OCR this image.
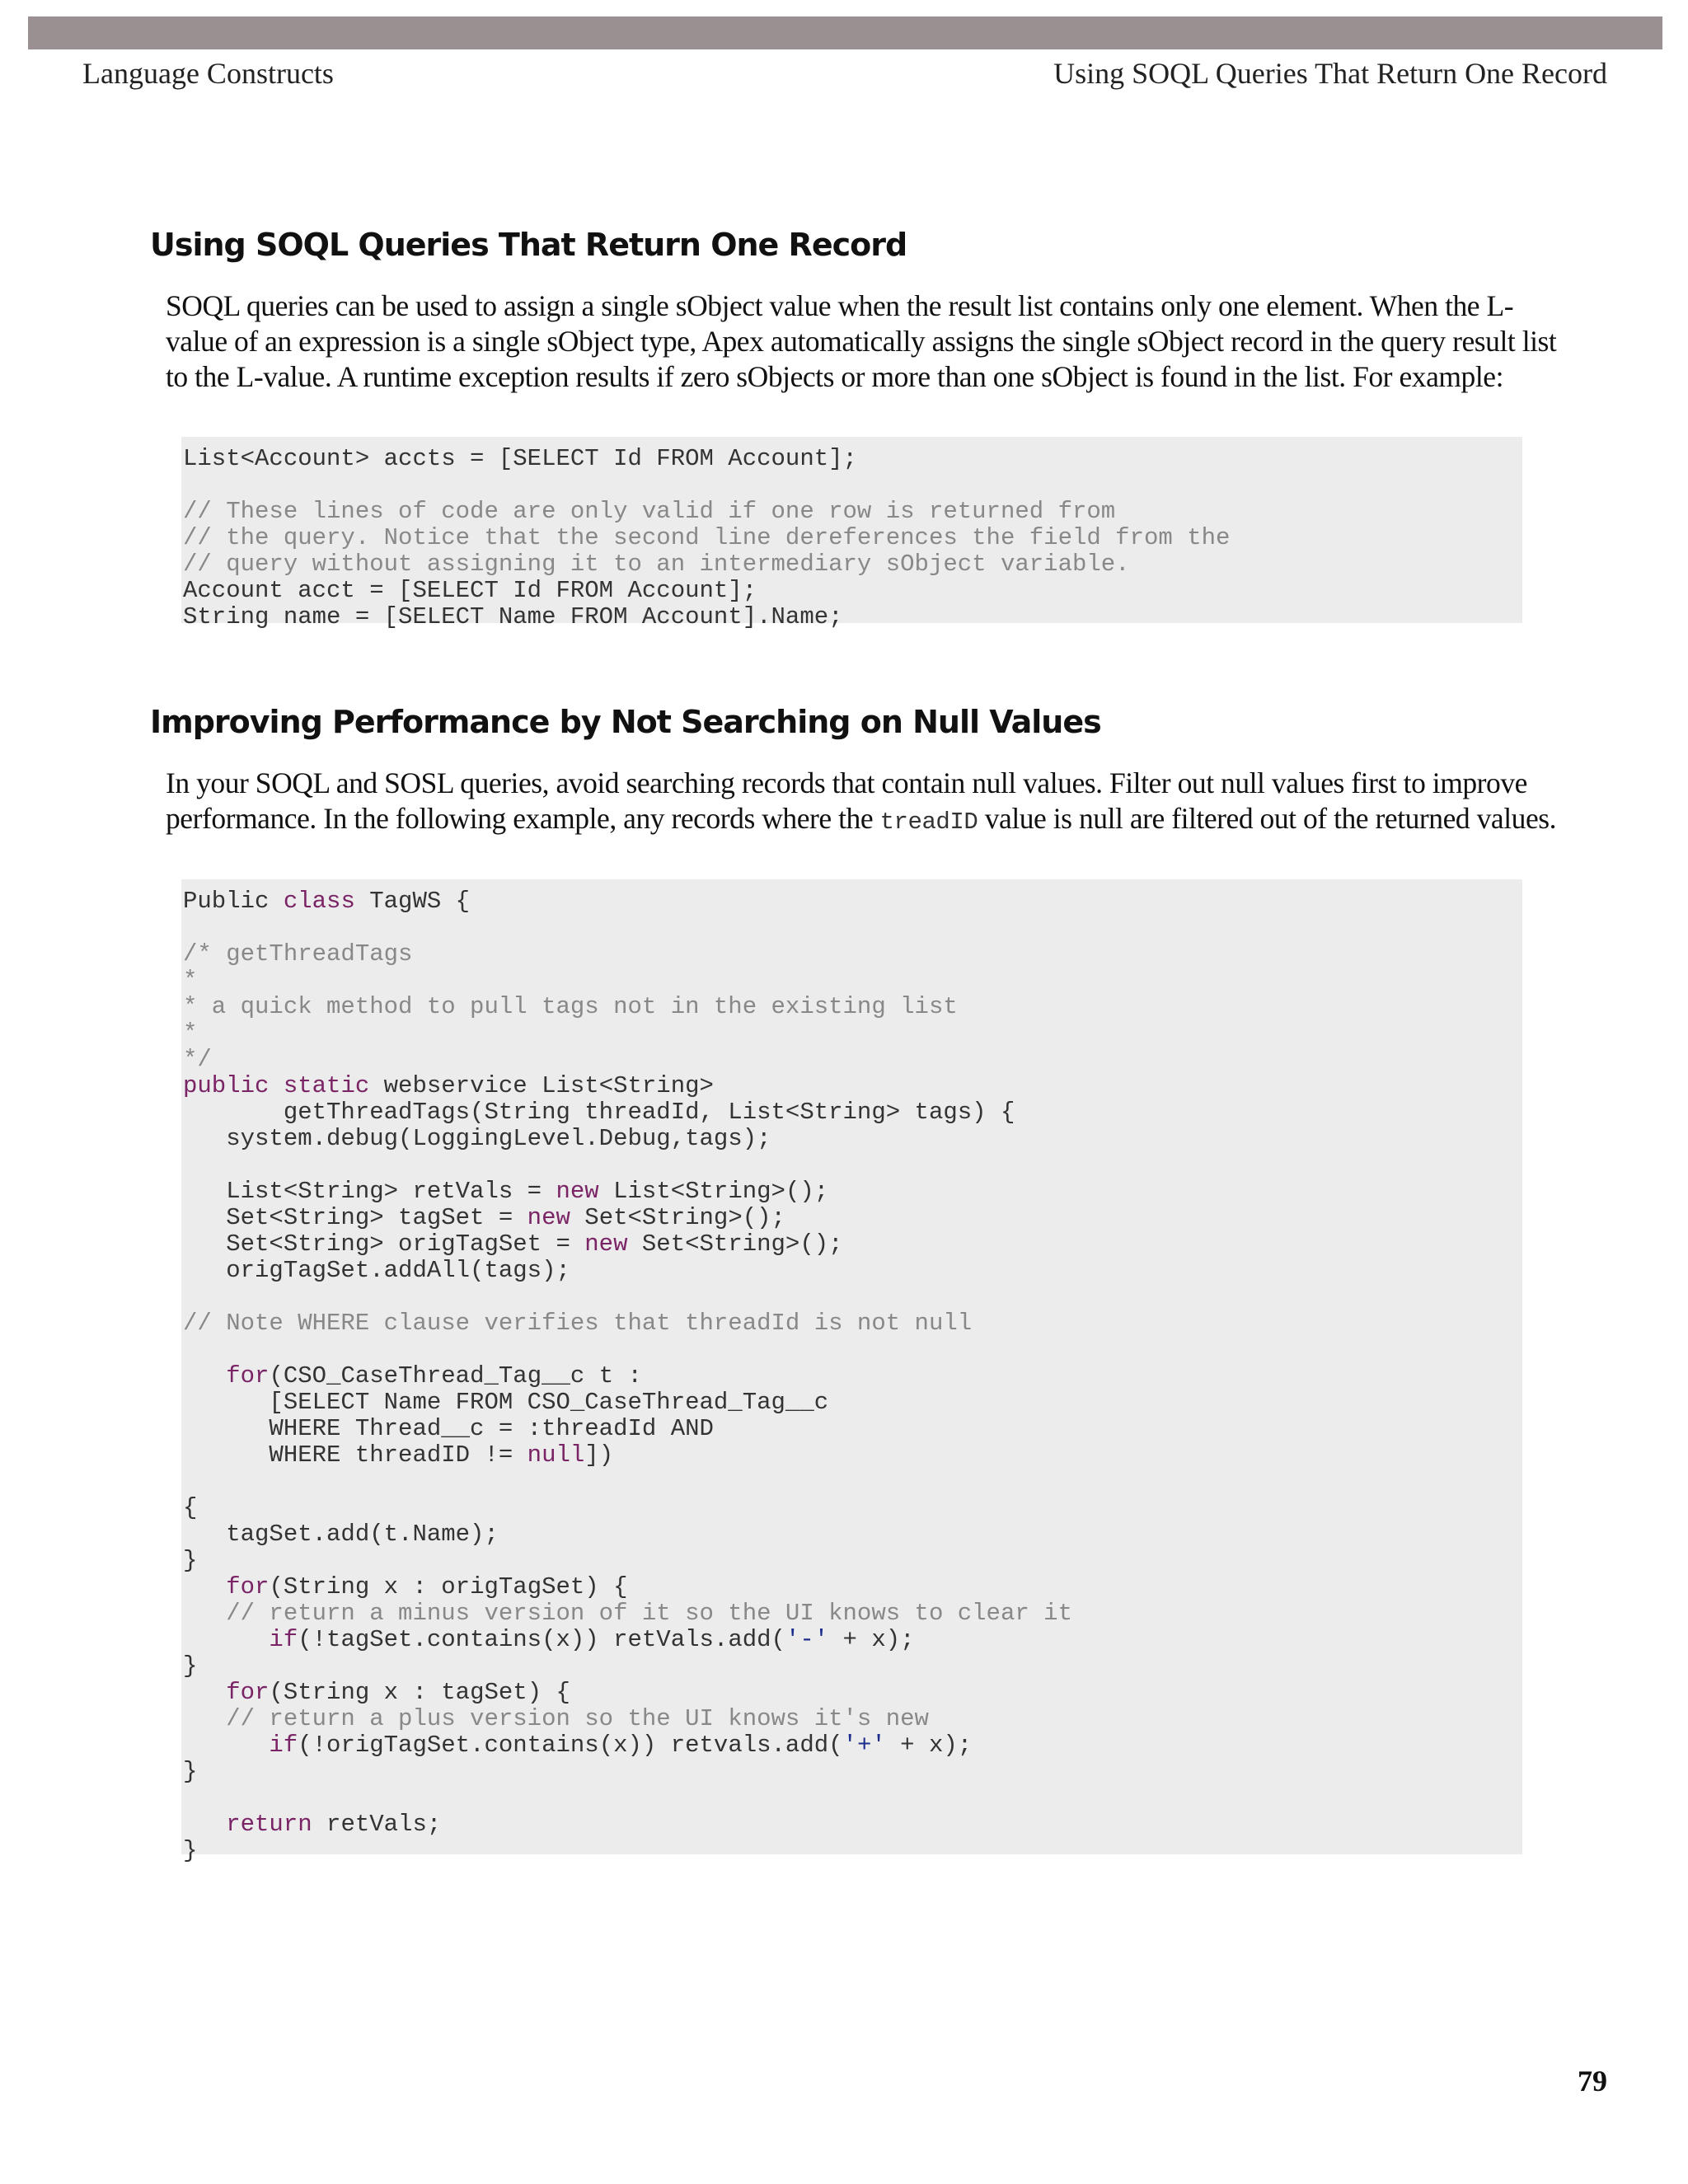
Language Constructs	Using SOQL Queries That Return One Record
Using SOQL Queries That Return One Record

SOQL queries can be used to assign a single sObject value when the result list contains only one element. When the L-value of an expression is a single sObject type, Apex automatically assigns the single sObject record in the query result list to the L-value. A runtime exception results if zero sObjects or more than one sObject is found in the list. For example:

List<Account> accts = [SELECT Id FROM Account];
// These lines of code are only valid if one row is returned from
// the query. Notice that the second line dereferences the field from the
// query without assigning it to an intermediary sObject variable.
Account acct = [SELECT Id FROM Account];
String name = [SELECT Name FROM Account].Name;
Improving Performance by Not Searching on Null Values

In your SOQL and SOSL queries, avoid searching records that contain null values. Filter out null values first to improve performance. In the following example, any records where the treadID value is null are filtered out of the returned values.

Public class TagWS {
/* getThreadTags
*
* a quick method to pull tags not in the existing list
*
*/
public static webservice List<String>
getThreadTags(String threadId, List<String> tags) {
system.debug(LoggingLevel.Debug,tags);
List<String> retVals = new List<String>();
Set<String> tagSet = new Set<String>();
Set<String> origTagSet = new Set<String>();
origTagSet.addAll(tags);
// Note WHERE clause verifies that threadId is not null
for(CSO_CaseThread_Tag__c t :
[SELECT Name FROM CSO_CaseThread_Tag__c
WHERE Thread__c = :threadId AND
WHERE threadID != null])
{
tagSet.add(t.Name);
}
for(String x : origTagSet) {
// return a minus version of it so the UI knows to clear it
if(!tagSet.contains(x)) retVals.add('-' + x);
}
for(String x : tagSet) {
// return a plus version so the UI knows it's new
if(!origTagSet.contains(x)) retvals.add('+' + x);
}
return retVals;
}
79
